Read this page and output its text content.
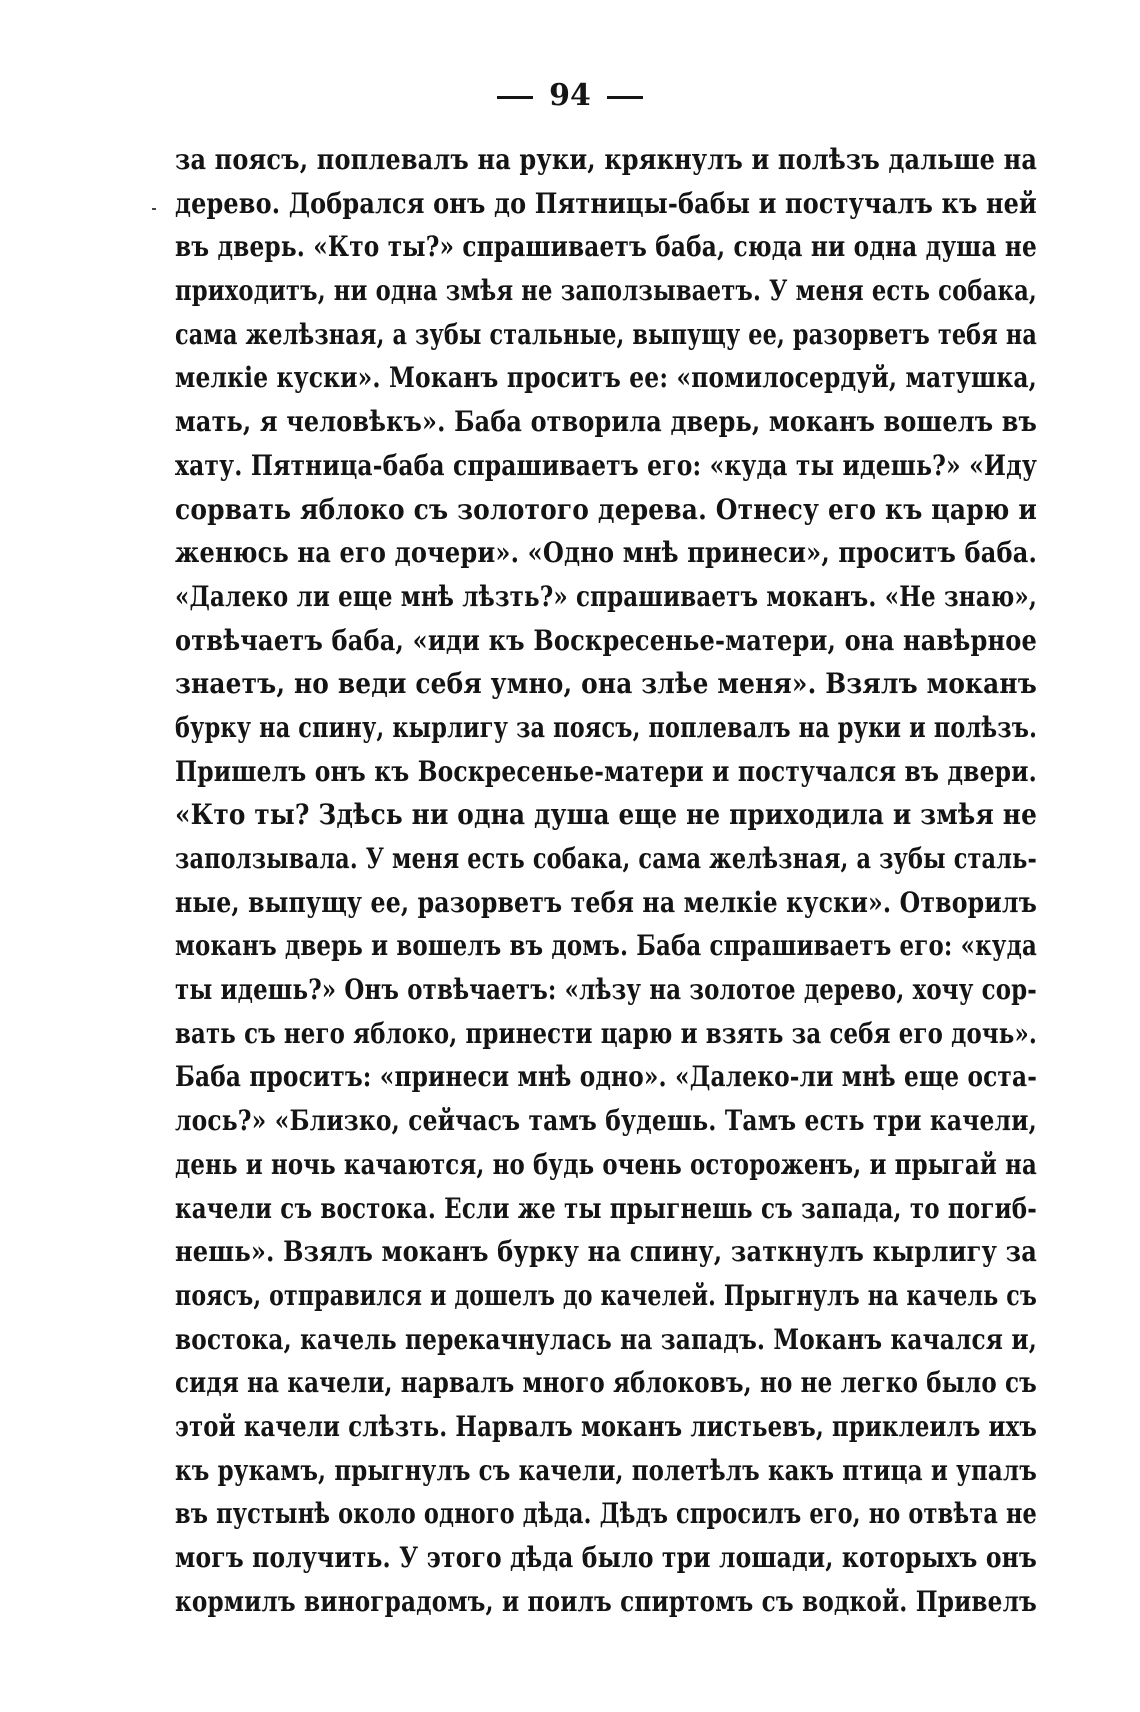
94
за поясъ, поплевалъ на руки, крякнулъ и полѣзъ дальше на
дерево. Добрался онъ до Пятницы-бабы и постучалъ къ ней
въ дверь. «Кто ты?» спрашиваетъ баба, сюда ни одна душа не
приходитъ, ни одна змѣя не заползываетъ. У меня есть собака,
сама желѣзная, а зубы стальные, выпущу ее, разорветъ тебя на
мелкіе куски». Моканъ проситъ ее: «помилосердуй, матушка,
мать, я человѣкъ». Баба отворила дверь, моканъ вошелъ въ
хату. Пятница-баба спрашиваетъ его: «куда ты идешь?» «Иду
сорвать яблоко съ золотого дерева. Отнесу его къ царю и
женюсь на его дочери». «Одно мнѣ принеси», проситъ баба.
«Далеко ли еще мнѣ лѣзть?» спрашиваетъ моканъ. «Не знаю»,
отвѣчаетъ баба, «иди къ Воскресенье-матери, она навѣрное
знаетъ, но веди себя умно, она злѣе меня». Взялъ моканъ
бурку на спину, кырлигу за поясъ, поплевалъ на руки и полѣзъ.
Пришелъ онъ къ Воскресенье-матери и постучался въ двери.
«Кто ты? Здѣсь ни одна душа еще не приходила и змѣя не
заползывала. У меня есть собака, сама желѣзная, а зубы сталь-
ные, выпущу ее, разорветъ тебя на мелкіе куски». Отворилъ
моканъ дверь и вошелъ въ домъ. Баба спрашиваетъ его: «куда
ты идешь?» Онъ отвѣчаетъ: «лѣзу на золотое дерево, хочу сор-
вать съ него яблоко, принести царю и взять за себя его дочь».
Баба проситъ: «принеси мнѣ одно». «Далеко-ли мнѣ еще оста-
лось?» «Близко, сейчасъ тамъ будешь. Тамъ есть три качели,
день и ночь качаются, но будь очень остороженъ, и прыгай на
качели съ востока. Если же ты прыгнешь съ запада, то погиб-
нешь». Взялъ моканъ бурку на спину, заткнулъ кырлигу за
поясъ, отправился и дошелъ до качелей. Прыгнулъ на качель съ
востока, качель перекачнулась на западъ. Моканъ качался и,
сидя на качели, нарвалъ много яблоковъ, но не легко было съ
этой качели слѣзть. Нарвалъ моканъ листьевъ, приклеилъ ихъ
къ рукамъ, прыгнулъ съ качели, полетѣлъ какъ птица и упалъ
въ пустынѣ около одного дѣда. Дѣдъ спросилъ его, но отвѣта не
могъ получить. У этого дѣда было три лошади, которыхъ онъ
кормилъ виноградомъ, и поилъ спиртомъ съ водкой. Привелъ
